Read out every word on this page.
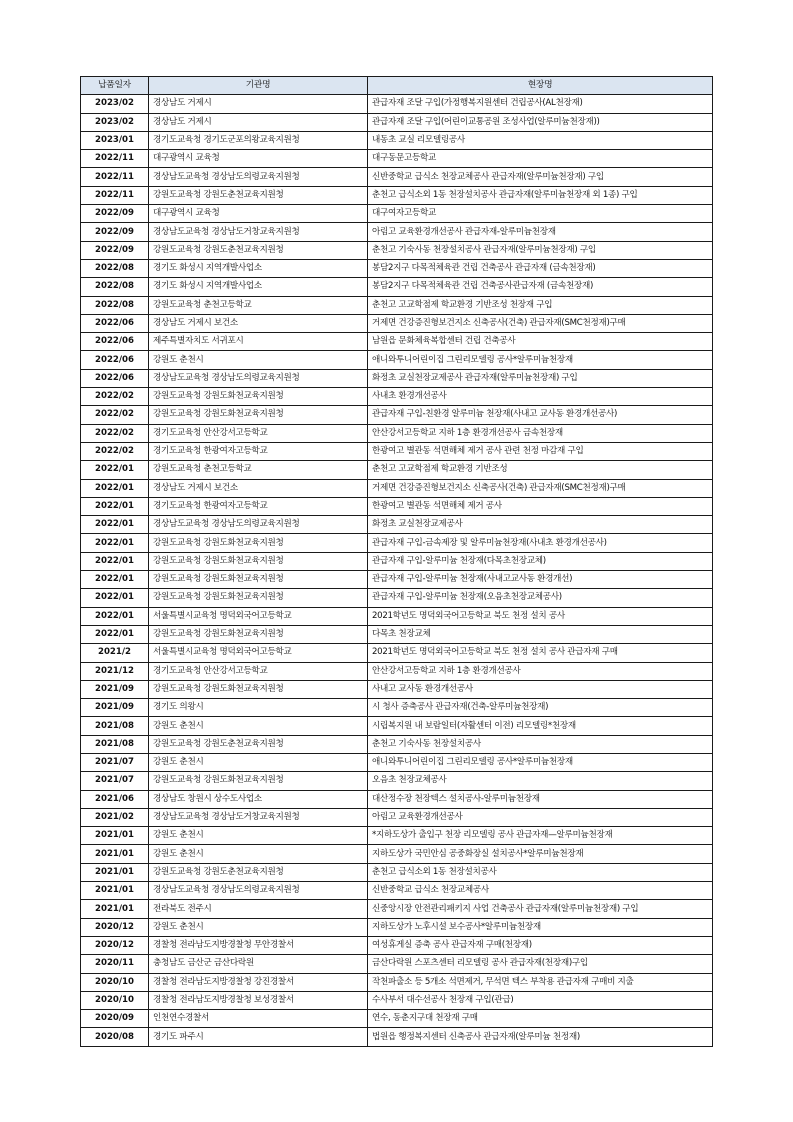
납품일자	기관명	현장명
2023/02	경상남도 거제시	관급자재 조달 구입(가정행복지원센터 건립공사(AL천장재)
2023/02	경상남도 거제시	관급자재 조달 구입(어린이교통공원 조성사업(알루미늄천장재))
2023/01	경기도교육청 경기도군포의왕교육지원청	내동초 교실 리모델링공사
2022/11	대구광역시 교육청	대구동문고등학교
2022/11	경상남도교육청 경상남도의령교육지원청	신반중학교 급식소 천장교체공사 관급자재(알루미늄천장재) 구입
2022/11	강원도교육청 강원도춘천교육지원청	춘천고 급식소외 1동 천장설치공사 관급자재(알루미늄천장재 외 1종) 구입
2022/09	대구광역시 교육청	대구여자고등학교
2022/09	경상남도교육청 경상남도거창교육지원청	아림고 교육환경개선공사 관급자재-알루미늄천장재
2022/09	강원도교육청 강원도춘천교육지원청	춘천고 기숙사동 천장설치공사 관급자재(알루미늄천장재) 구입
2022/08	경기도 화성시 지역개발사업소	봉담2지구 다목적체육관 건립 건축공사 관급자재 (금속천장재)
2022/08	경기도 화성시 지역개발사업소	봉담2지구 다목적체육관 건립 건축공사관급자재 (금속천장재)
2022/08	강원도교육청 춘천고등학교	춘천고 고교학점제 학교환경 기반조성 천장재 구입
2022/06	경상남도 거제시 보건소	거제면 건강증진형보건지소 신축공사(건축) 관급자재(SMC천정재)구매
2022/06	제주특별자치도 서귀포시	남원읍 문화체육복합센터 건립 건축공사
2022/06	강원도 춘천시	애니와투니어린이집 그린리모델링 공사*알루미늄천장재
2022/06	경상남도교육청 경상남도의령교육지원청	화정초 교실천장교제공사 관급자재(알루미늄천장재) 구입
2022/02	강원도교육청 강원도화천교육지원청	사내초 환경개선공사
2022/02	강원도교육청 강원도화천교육지원청	관급자재 구입-친환경 알루미늄 천장재(사내고 교사동 환경개선공사)
2022/02	경기도교육청 안산강서고등학교	안산강서고등학교 지하 1층 환경개선공사 금속천장재
2022/02	경기도교육청 한광여자고등학교	한광여고 별관동 석면해체 제거 공사 관련 천정 마감재 구입
2022/01	강원도교육청 춘천고등학교	춘천고 고교학점제 학교환경 기반조성
2022/01	경상남도 거제시 보건소	거제면 건강증진형보건지소 신축공사(건축) 관급자재(SMC천정재)구매
2022/01	경기도교육청 한광여자고등학교	한광여고 별관동 석면해체 제거 공사
2022/01	경상남도교육청 경상남도의령교육지원청	화정초 교실천장교제공사
2022/01	강원도교육청 강원도화천교육지원청	관급자재 구입-금속제장 및 알루미늄천장재(사내초 환경개선공사)
2022/01	강원도교육청 강원도화천교육지원청	관급자재 구입-알루미늄 천장재(다목초천장교체)
2022/01	강원도교육청 강원도화천교육지원청	관급자재 구입-알루미늄 천장재(사내고교사동 환경개선)
2022/01	강원도교육청 강원도화천교육지원청	관급자재 구입-알루미늄 천장재(오음초천장교체공사)
2022/01	서울특별시교육청 명덕외국어고등학교	2021학년도 명덕외국어고등학교 북도 천정 설치 공사
2022/01	강원도교육청 강원도화천교육지원청	다목초 천장교체
2021/2	서울특별시교육청 명덕외국어고등학교	2021학년도 명덕외국어고등학교 북도 천정 설치 공사 관급자재 구매
2021/12	경기도교육청 안산강서고등학교	안산강서고등학교 지하 1층 환경개선공사
2021/09	강원도교육청 강원도화천교육지원청	사내고 교사동 환경개선공사
2021/09	경기도 의왕시	시 청사 증축공사 관급자재(건축-알루미늄천장재)
2021/08	강원도 춘천시	시립복지원 내 보람일터(자활센터 이전) 리모델링*천장재
2021/08	강원도교육청 강원도춘천교육지원청	춘천고 기숙사동 천장설치공사
2021/07	강원도 춘천시	애니와투니어린이집 그린리모델링 공사*알루미늄천장재
2021/07	강원도교육청 강원도화천교육지원청	오음초 천장교체공사
2021/06	경상남도 창원시 상수도사업소	대산정수장 천장텍스 설치공사-알루미늄천장재
2021/02	경상남도교육청 경상남도거창교육지원청	아림고 교육환경개선공사
2021/01	강원도 춘천시	*지하도상가 출입구 천장 리모델링 공사 관급자재—알루미늄천장재
2021/01	강원도 춘천시	지하도상가 국민안심 공중화장실 설치공사*알루미늄천장재
2021/01	강원도교육청 강원도춘천교육지원청	춘천고 급식소외 1동 천장설치공사
2021/01	경상남도교육청 경상남도의령교육지원청	신반중학교 급식소 천장교체공사
2021/01	전라북도 전주시	신중앙시장 안전관리패키지 사업 건축공사 관급자재(알루미늄천장재) 구입
2020/12	강원도 춘천시	지하도상가 노후시설 보수공사*알루미늄천장재
2020/12	경찰청 전라남도지방경찰청 무안경찰서	여성휴게실 증축 공사 관급자재 구매(천장재)
2020/11	충청남도 금산군 금산다락원	금산다락원 스포츠센터 리모델링 공사 관급자재(천장재)구입
2020/10	경찰청 전라남도지방경찰청 강진경찰서	작천파출소 등 5개소 석면제거, 무석면 텍스 부착용 관급자재 구매비 지출
2020/10	경찰청 전라남도지방경찰청 보성경찰서	수사부서 대수선공사 천장재 구입(관급)
2020/09	인천연수경찰서	연수, 동춘지구대 천장재 구매
2020/08	경기도 파주시	법원읍 행정복지센터 신축공사 관급자재(알루미늄 천정재)
